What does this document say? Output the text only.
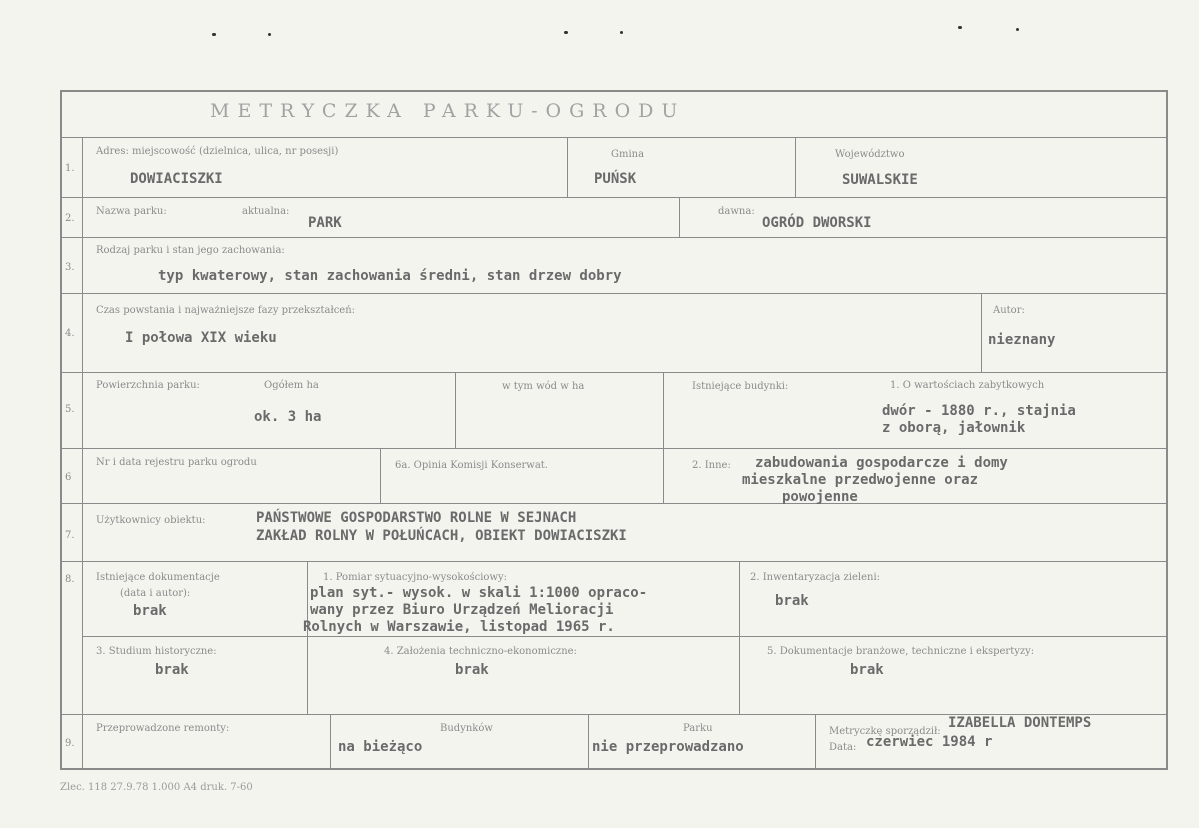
METRYCZKA PARKU-OGRODU
1.
Adres: miejscowość (dzielnica, ulica, nr posesji)
DOWIACISZKI
Gmina
PUŃSK
Województwo
SUWALSKIE
2.
Nazwa parku:	aktualna:
PARK
dawna:
OGRÓD DWORSKI
3.
Rodzaj parku i stan jego zachowania:
typ kwaterowy, stan zachowania średni, stan drzew dobry
4.
Czas powstania i najważniejsze fazy przekształceń:
I połowa XIX wieku
Autor:
nieznany
5.
Powierzchnia parku:	Ogółem ha
ok. 3 ha
w tym wód w ha	Istniejące budynki:	1. O wartościach zabytkowych
dwór - 1880 r., stajnia
z oborą, jałownik
6
Nr i data rejestru parku ogrodu	6a. Opinia Komisji Konserwat.	2. Inne: zabudowania gospodarcze i domy
mieszkalne przedwojenne oraz
powojenne
7.
Użytkownicy obiektu:	PAŃSTWOWE GOSPODARSTWO ROLNE W SEJNACH
ZAKŁAD ROLNY W POŁUŃCACH, OBIEKT DOWIACISZKI
8. Istniejące dokumentacje
(data i autor):
brak
1. Pomiar sytuacyjno-wysokościowy:
plan syt.- wysok. w skali 1:1000 opraco-
wany przez Biuro Urządzeń Melioracji
Rolnych w Warszawie, listopad 1965 r.
2. Inwentaryzacja zieleni:
brak
3. Studium historyczne:
brak
4. Założenia techniczno-ekonomiczne:
brak
5. Dokumentacje branżowe, techniczne i ekspertyzy:
brak
9.
Przeprowadzone remonty:	Budynków
na bieżąco
Parku
nie przeprowadzano
Metryczkę sporządził:
IZABELLA DONTEMPS
Data: czerwiec 1984 r
Zlec. 118 27.9.78 1.000 A4 druk. 7-60
